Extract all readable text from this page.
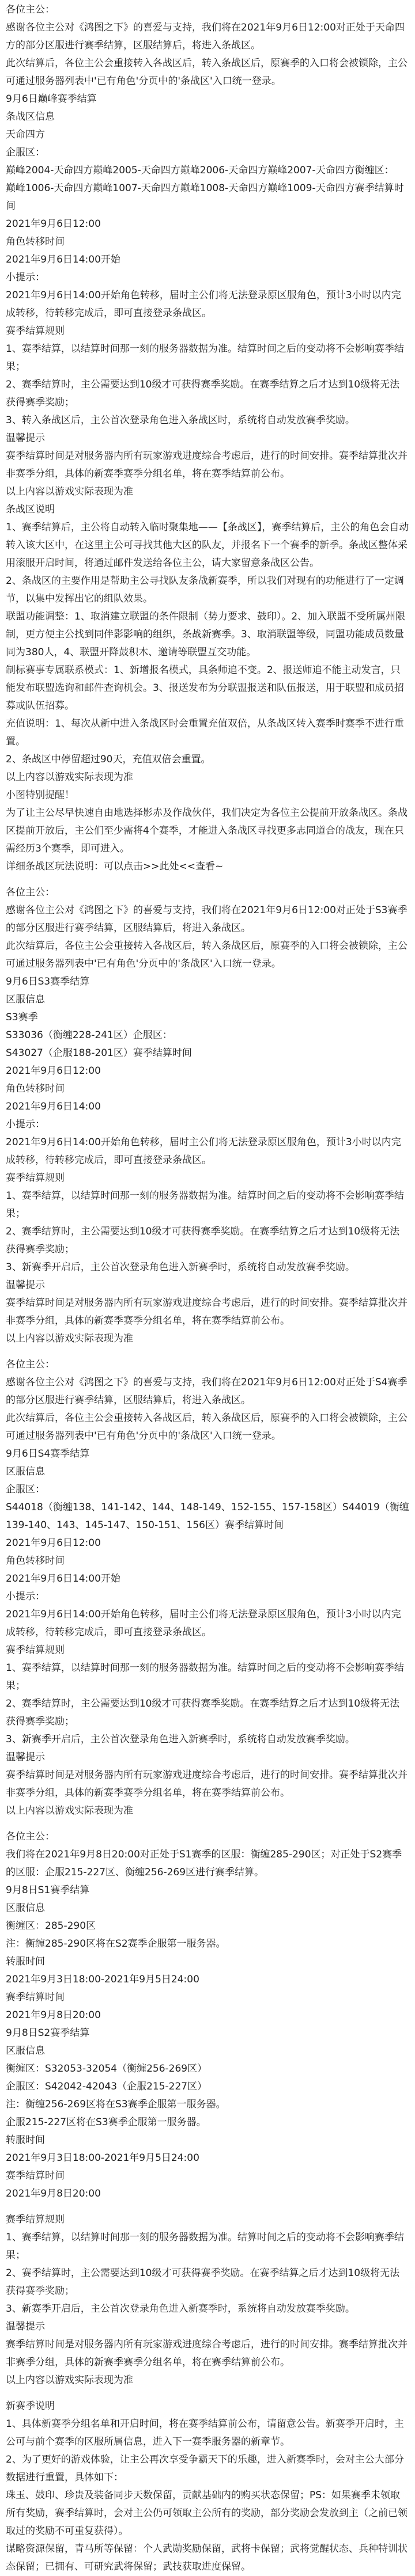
各位主公：

感谢各位主公对《鸿图之下》的喜爱与支持，我们将在2021年9月6日12:00对正处于天命四方的部分区服进行赛季结算，区服结算后，将进入条战区。

此次结算后，各位主公会重接转入各战区后，转入条战区后，原赛季的入口将会被锁除，主公可通过服务器列表中'已有角色'分页中的'条战区'入口统一登录。

9月6日巅峰赛季结算

条战区信息

天命四方

企服区：

巅峰2004-天命四方巅峰2005-天命四方巅峰2006-天命四方巅峰2007-天命四方衡缠区：

巅峰1006-天命四方巅峰1007-天命四方巅峰1008-天命四方巅峰1009-天命四方赛季结算时间

2021年9月6日12:00

角色转移时间

2021年9月6日14:00开始

小提示：

2021年9月6日14:00开始角色转移，届时主公们将无法登录原区服角色，预计3小时以内完成转移，待转移完成后，即可直接登录条战区。

赛季结算规则

1、赛季结算，以结算时间那一刻的服务器数据为准。结算时间之后的变动将不会影响赛季结果；

2、赛季结算时，主公需要达到10级才可获得赛季奖励。在赛季结算之后才达到10级将无法获得赛季奖励；

3、转入条战区后，主公首次登录角色进入条战区时，系统将自动发放赛季奖励。

温馨提示

赛季结算时间是对服务器内所有玩家游戏进度综合考虑后，进行的时间安排。赛季结算批次并非赛季分组，具体的新赛季赛季分组名单，将在赛季结算前公布。

以上内容以游戏实际表现为准

条战区说明

1、赛季结算后，主公将自动转入临时聚集地——【条战区】，赛季结算后，主公的角色会自动转入该大区中，在这里主公可寻找其他大区的队友，并报名下一个赛季的新季。条战区整体采用滚服开启时间，将通过邮件发送给各位主公，请大家留意条战区公告。

2、条战区的主要作用是帮助主公寻找队友条战新赛季，所以我们对现有的功能进行了一定调节，以集中发挥出它的组队效果。

联盟功能调整：1、取消建立联盟的条件限制（势力要求、鼓印）。2、加入联盟不受所属州限制，更方便主公找到同伴影影响的组织，条战新赛季。3、取消联盟等级，同盟功能成员数量同为380人，4、联盟开降鼓积木、邀请等联盟互交功能。

制标赛事专属联系模式：1、新增报名模式，具条师追不变。2、报送师追不能主动发言，只能发布联盟选询和邮件查询机会。3、报送发布为分联盟报送和队伍报送，用于联盟和成员招募或队伍招募。

充值说明：1、每次从新中进入条战区时会重置充值双倍，从条战区转入赛季时赛季不进行重置。

2、条战区中停留超过90天，充值双倍会重置。

以上内容以游戏实际表现为准

小图特别提醒！

为了让主公尽早快速自由地选择影赤及作战伙伴，我们决定为各位主公提前开放条战区。条战区提前开放后，主公们至少需将4个赛季，才能进入条战区寻找更多志同道合的战友，现在只需经历3个赛季，即可进入。

详细条战区玩法说明：可以点击>>此处<<查看~

各位主公：

感谢各位主公对《鸿图之下》的喜爱与支持，我们将在2021年9月6日12:00对正处于S3赛季的部分区服进行赛季结算，区服结算后，将进入条战区。

此次结算后，各位主公会重接转入各战区后，转入条战区后，原赛季的入口将会被锁除，主公可通过服务器列表中'已有角色'分页中的'条战区'入口统一登录。

9月6日S3赛季结算

区服信息

S3赛季

S33036（衡缠228-241区）企服区：

S43027（企服188-201区）赛季结算时间

2021年9月6日12:00

角色转移时间

2021年9月6日14:00

小提示：

2021年9月6日14:00开始角色转移，届时主公们将无法登录原区服角色，预计3小时以内完成转移，待转移完成后，即可直接登录条战区。

赛季结算规则

1、赛季结算，以结算时间那一刻的服务器数据为准。结算时间之后的变动将不会影响赛季结果；

2、赛季结算时，主公需要达到10级才可获得赛季奖励。在赛季结算之后才达到10级将无法获得赛季奖励；

3、新赛季开启后，主公首次登录角色进入新赛季时，系统将自动发放赛季奖励。

温馨提示

赛季结算时间是对服务器内所有玩家游戏进度综合考虑后，进行的时间安排。赛季结算批次并非赛季分组，具体的新赛季赛季分组名单，将在赛季结算前公布。

以上内容以游戏实际表现为准

各位主公：

感谢各位主公对《鸿图之下》的喜爱与支持，我们将在2021年9月6日12:00对正处于S4赛季的部分区服进行赛季结算，区服结算后，将进入条战区。

此次结算后，各位主公会重接转入各战区后，转入条战区后，原赛季的入口将会被锁除，主公可通过服务器列表中'已有角色'分页中的'条战区'入口统一登录。

9月6日S4赛季结算

区服信息

企服区：

S44018（衡缠138、141-142、144、148-149、152-155、157-158区）S44019（衡缠139-140、143、145-147、150-151、156区）赛季结算时间

2021年9月6日12:00

角色转移时间

2021年9月6日14:00开始

小提示：

2021年9月6日14:00开始角色转移，届时主公们将无法登录原区服角色，预计3小时以内完成转移，待转移完成后，即可直接登录条战区。

赛季结算规则

1、赛季结算，以结算时间那一刻的服务器数据为准。结算时间之后的变动将不会影响赛季结果；

2、赛季结算时，主公需要达到10级才可获得赛季奖励。在赛季结算之后才达到10级将无法获得赛季奖励；

3、新赛季开启后，主公首次登录角色进入新赛季时，系统将自动发放赛季奖励。

温馨提示

赛季结算时间是对服务器内所有玩家游戏进度综合考虑后，进行的时间安排。赛季结算批次并非赛季分组，具体的新赛季赛季分组名单，将在赛季结算前公布。

以上内容以游戏实际表现为准

各位主公：

我们将在2021年9月8日20:00对正处于S1赛季的区服：衡缠285-290区；对正处于S2赛季的区服：企服215-227区、衡缠256-269区进行赛季结算。

9月8日S1赛季结算

区服信息

衡缠区：285-290区

注：衡缠285-290区将在S2赛季企服第一服务器。

转服时间

2021年9月3日18:00-2021年9月5日24:00

赛季结算时间

2021年9月8日20:00

9月8日S2赛季结算

区服信息

衡缠区：S32053-32054（衡缠256-269区）

企服区：S42042-42043（企服215-227区）

注：衡缠256-269区将在S3赛季企服第一服务器。

企服215-227区将在S3赛季企服第一服务器。

转服时间

2021年9月3日18:00-2021年9月5日24:00

赛季结算时间

2021年9月8日20:00

赛季结算规则

1、赛季结算，以结算时间那一刻的服务器数据为准。结算时间之后的变动将不会影响赛季结果；

2、赛季结算时，主公需要达到10级才可获得赛季奖励。在赛季结算之后才达到10级将无法获得赛季奖励；

3、新赛季开启后，主公首次登录角色进入新赛季时，系统将自动发放赛季奖励。

温馨提示

赛季结算时间是对服务器内所有玩家游戏进度综合考虑后，进行的时间安排。赛季结算批次并非赛季分组，具体的新赛季赛季分组名单，将在赛季结算前公布。

以上内容以游戏实际表现为准

新赛季说明

1、具体新赛季分组名单和开启时间，将在赛季结算前公布，请留意公告。新赛季开启时，主公可与前个赛季的区服所属信息，进入下一赛季服务器的新章节。

2、为了更好的游戏体验，让主公再次享受争霸天下的乐趣，进入新赛季时，会对主公大部分数据进行重置，具体如下：

珠玉、鼓印、珍贵及装备同步天数保留，贡献基础内的购买状态保留；PS：如果赛季未领取所有奖励，赛季结算时，会对主公仍可领取主公所有的奖励，部分奖励会发放到主（之前已领取过的奖励不可重复获得）。

谋略资源保留，青马所等保留：个人武勋奖励保留，武将卡保留；武将觉醒状态、兵种特训状态保留；已拥有、可研究武将保留；武技获取进度保留。
